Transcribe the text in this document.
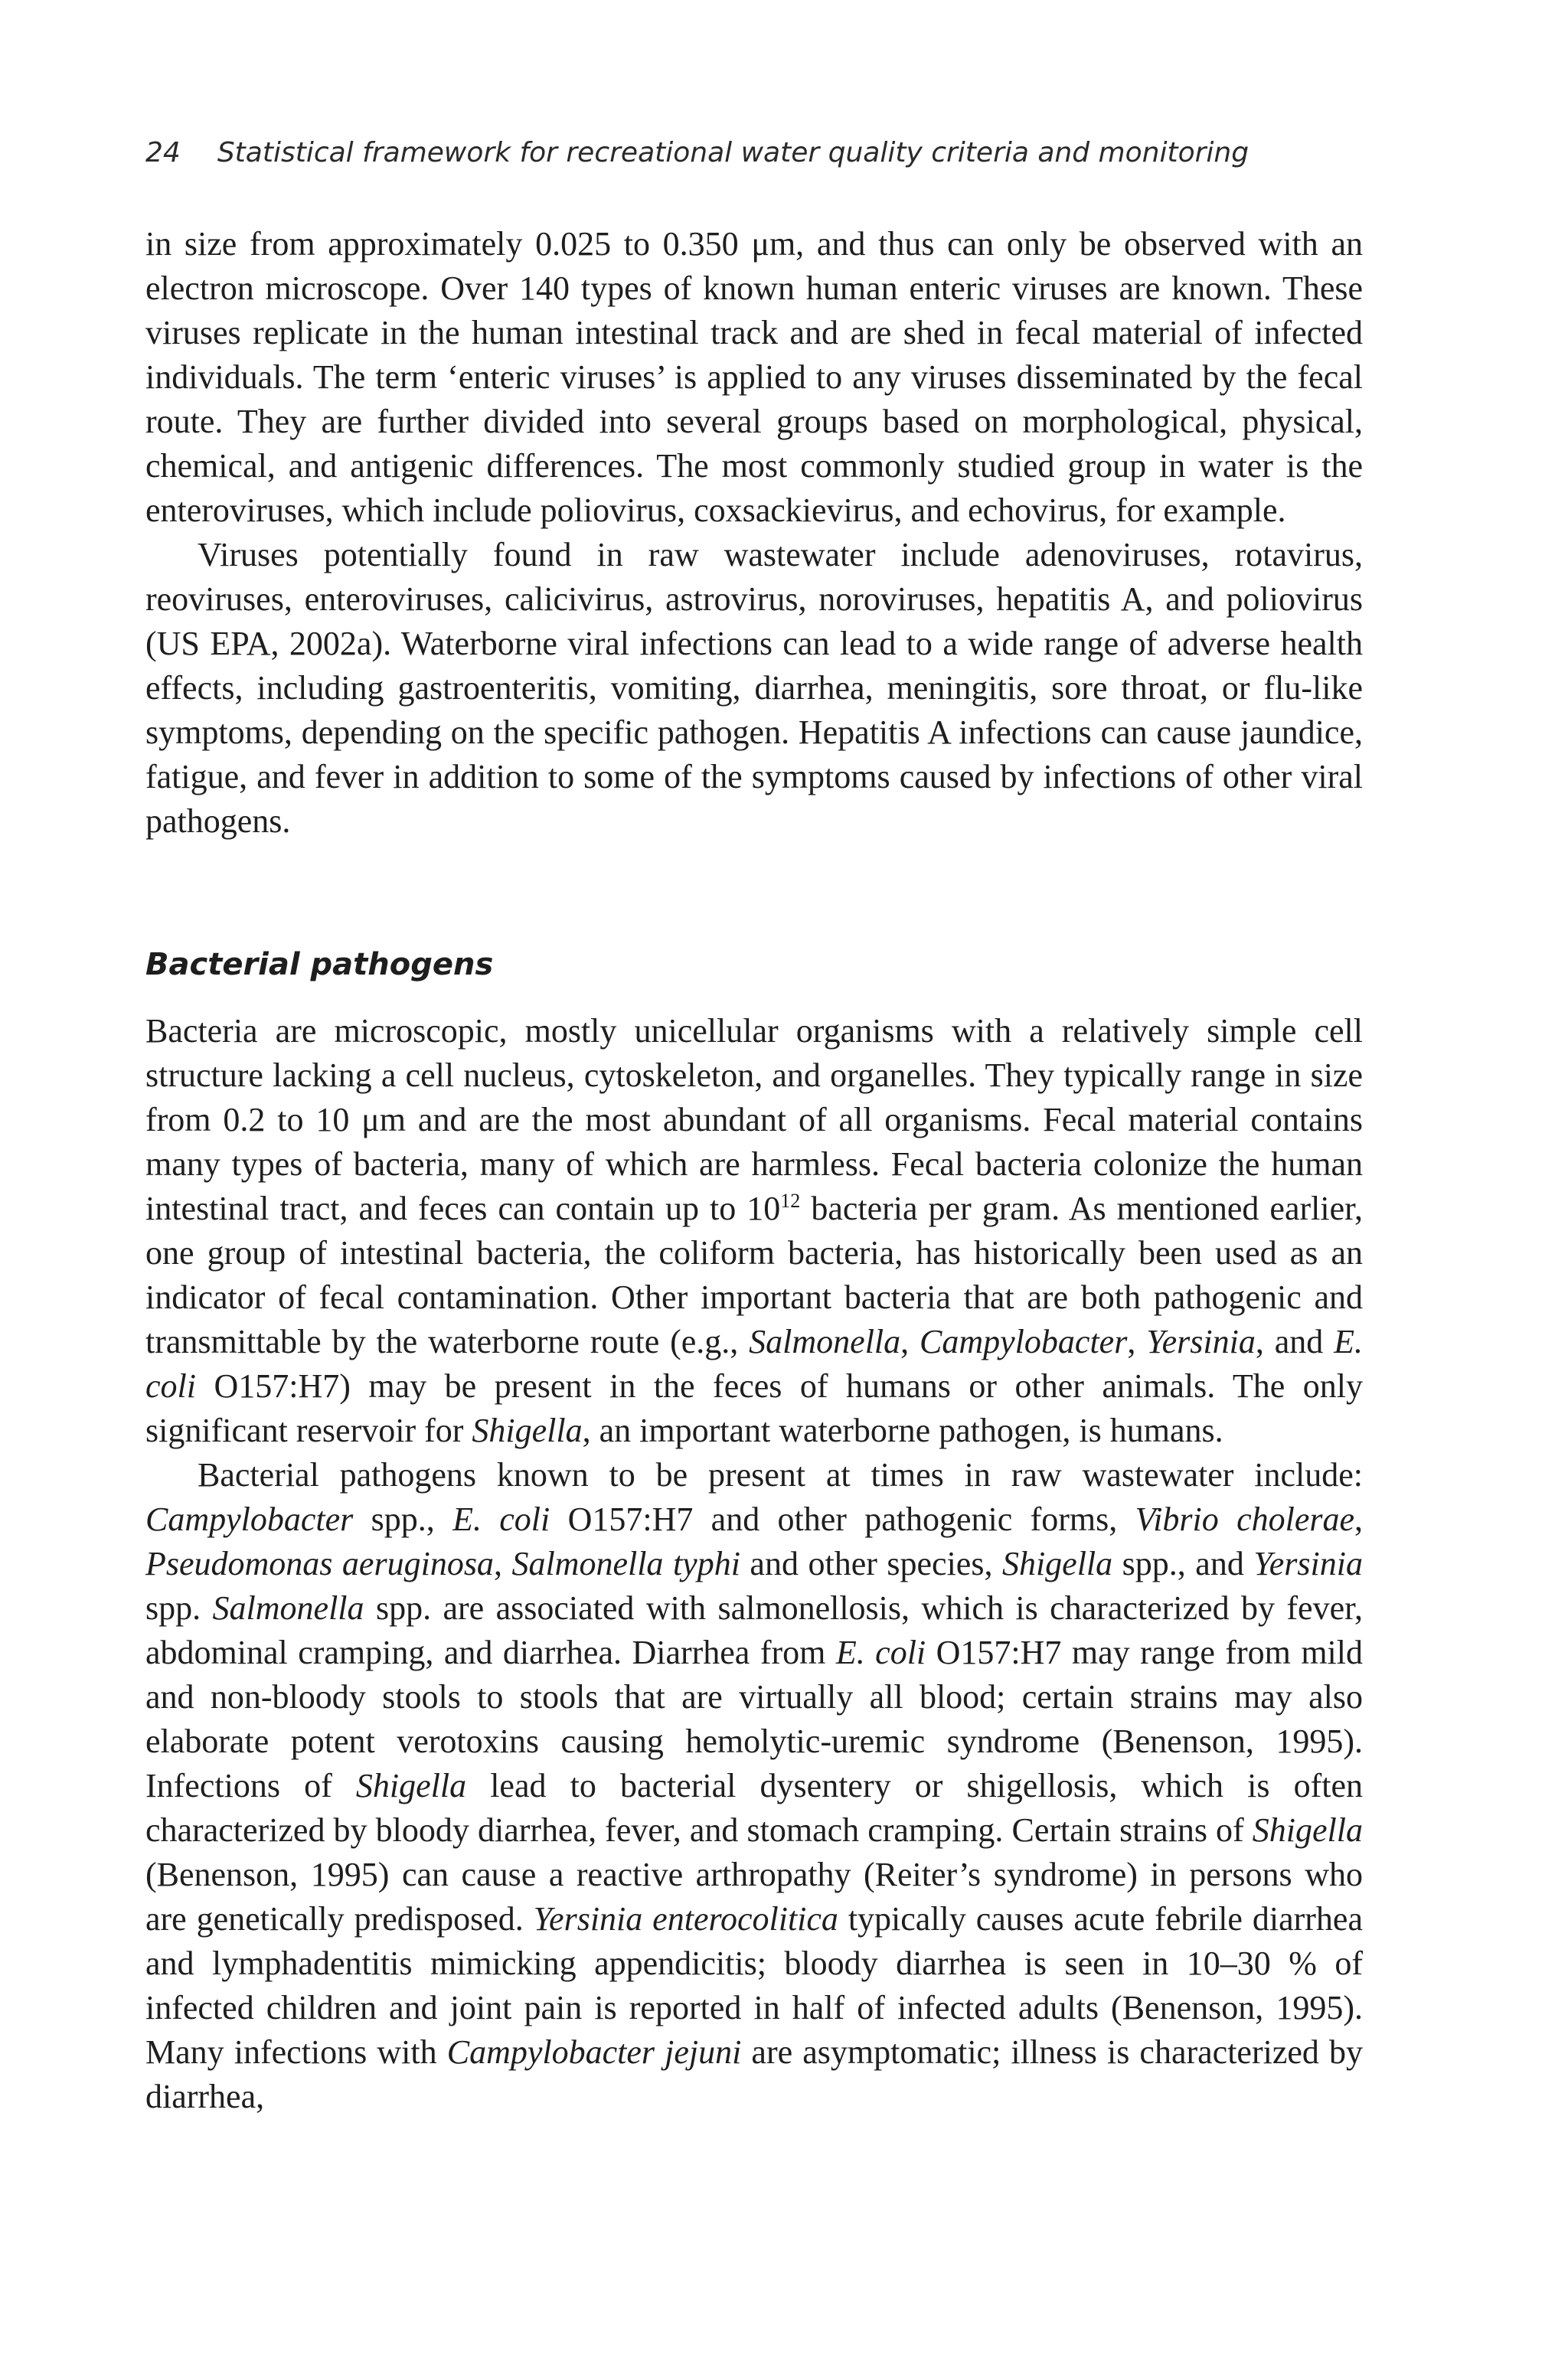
24 Statistical framework for recreational water quality criteria and monitoring

in size from approximately 0.025 to 0.350 μm, and thus can only be observed with an electron microscope. Over 140 types of known human enteric viruses are known. These viruses replicate in the human intestinal track and are shed in fecal material of infected individuals. The term ‘enteric viruses’ is applied to any viruses disseminated by the fecal route. They are further divided into several groups based on morphological, physical, chemical, and antigenic differences. The most commonly studied group in water is the enteroviruses, which include poliovirus, coxsackievirus, and echovirus, for example.

Viruses potentially found in raw wastewater include adenoviruses, rotavirus, reoviruses, enteroviruses, calicivirus, astrovirus, noroviruses, hepatitis A, and poliovirus (US EPA, 2002a). Waterborne viral infections can lead to a wide range of adverse health effects, including gastroenteritis, vomiting, diarrhea, meningitis, sore throat, or flu-like symptoms, depending on the specific pathogen. Hepatitis A infections can cause jaundice, fatigue, and fever in addition to some of the symptoms caused by infections of other viral pathogens.

Bacterial pathogens

Bacteria are microscopic, mostly unicellular organisms with a relatively simple cell structure lacking a cell nucleus, cytoskeleton, and organelles. They typically range in size from 0.2 to 10 μm and are the most abundant of all organisms. Fecal material contains many types of bacteria, many of which are harmless. Fecal bacteria colonize the human intestinal tract, and feces can contain up to $10^{12}$ bacteria per gram. As mentioned earlier, one group of intestinal bacteria, the coliform bacteria, has historically been used as an indicator of fecal contamination. Other important bacteria that are both pathogenic and transmittable by the waterborne route (e.g., Salmonella, Campylobacter, Yersinia, and E. coli O157:H7) may be present in the feces of humans or other animals. The only significant reservoir for Shigella, an important waterborne pathogen, is humans.

Bacterial pathogens known to be present at times in raw wastewater include: Campylobacter spp., E. coli O157:H7 and other pathogenic forms, Vibrio cholerae, Pseudomonas aeruginosa, Salmonella typhi and other species, Shigella spp., and Yersinia spp. Salmonella spp. are associated with salmonellosis, which is characterized by fever, abdominal cramping, and diarrhea. Diarrhea from E. coli O157:H7 may range from mild and non-bloody stools to stools that are virtually all blood; certain strains may also elaborate potent verotoxins causing hemolytic-uremic syndrome (Benenson, 1995). Infections of Shigella lead to bacterial dysentery or shigellosis, which is often characterized by bloody diarrhea, fever, and stomach cramping. Certain strains of Shigella (Benenson, 1995) can cause a reactive arthropathy (Reiter’s syndrome) in persons who are genetically predisposed. Yersinia enterocolitica typically causes acute febrile diarrhea and lymphadentitis mimicking appendicitis; bloody diarrhea is seen in 10–30 % of infected children and joint pain is reported in half of infected adults (Benenson, 1995). Many infections with Campylobacter jejuni are asymptomatic; illness is characterized by diarrhea,
